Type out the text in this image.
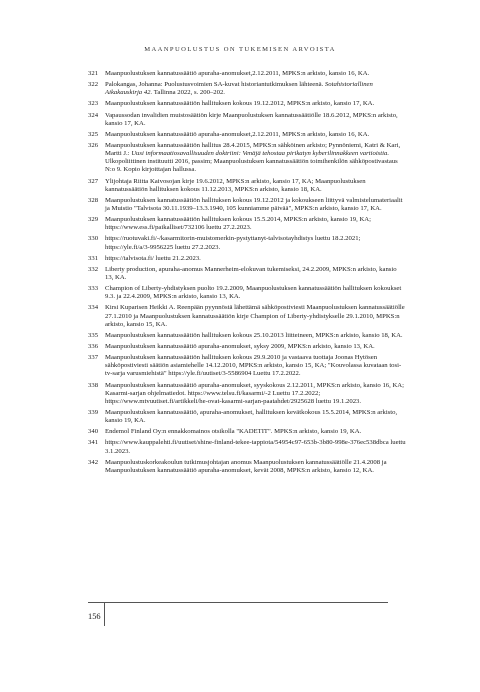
MAANPUOLUSTUS ON TUKEMISEN ARVOISTA
321	Maanpuolustuksen kannatussäätiö apuraha-anomukset,2.12.2011, MPKS:n arkisto, kansio 16, KA.
322	Palokangas, Johanna: Puolustusvoimien SA-kuvat historiantutkimuksen lähteenä. Sotahistoriallinen Aikakauskirja 42. Tallinna 2022, s. 200–202.
323	Maanpuolustuksen kannatussäätiön hallituksen kokous 19.12.2012, MPKS:n arkisto, kansio 17, KA.
324	Vapaussodan invalidien muistosäätiön kirje Maanpuolustuksen kannatussäätiölle 18.6.2012, MPKS:n arkisto, kansio 17, KA.
325	Maanpuolustuksen kannatussäätiö apuraha-anomukset,2.12.2011, MPKS:n arkisto, kansio 16, KA.
326	Maanpuolustuksen kannatussäätiön hallitus 28.4.2015, MPKS:n sähköinen arkisto; Pynnöniemi, Katri & Kari, Martti J.: Uusi informaatiosavallisuuden doktriini: Venäjä tehostaa pirikatyn kyberilinnakkeen vartioistia. Ulkopoliittinen instituutti 2016, passim; Maanpuolustuksen kannatussäätiön toimihenkilön sähköpostivastaus N:o 9. Kopio kirjoittajan hallussa.
327	Ylijohtaja Riitta Kaivosojan kirje 19.6.2012, MPKS:n arkisto, kansio 17, KA; Maanpuolustuksen kannatussäätiön hallituksen kokous 11.12.2013, MPKS:n arkisto, kansio 18, KA.
328	Maanpuolustuksen kannatussäätiön hallituksen kokous 19.12.2012 ja kokoukseen liittyvä valmistelumateriaalit ja Muistio "Talvisota 30.11.1939–13.3.1940, 105 kunniamme päivää", MPKS:n arkisto, kansio 17, KA.
329	Maanpuolustuksen kannatussäätiön hallituksen kokous 15.5.2014, MPKS:n arkisto, kansio 19, KA; https://www.ess.fi/paikalliset/732106 luettu 27.2.2023.
330	https://ruotuvaki.fi/-/kasarmitorin-muistomerkin-pystyttanyt-talvisotayhdistys luettu 18.2.2021; https://yle.fi/a/3-9956225 luettu 27.2.2023.
331	https://talvisota.fi/ luettu 21.2.2023.
332	Liberty production, apuraha-anomus Mannerheim-elokuvan tukemiseksi, 24.2.2009, MPKS:n arkisto, kansio 13, KA.
333	Champion of Liberty-yhdistyksen puolto 19.2.2009, Maanpuolustuksen kannatussäätiön hallituksen kokoukset 9.3. ja 22.4.2009, MPKS:n arkisto, kansio 13, KA.
334	Kirsi Kuparisen Heikki A. Reenpään pyynnöstä lähettämä sähköpostiviesti Maanpuolustuksen kannatussäätiölle 27.1.2010 ja Maanpuolustuksen kannatussäätiön kirje Champion of Liberty-yhdistykselle 29.1.2010, MPKS:n arkisto, kansio 15, KA.
335	Maanpuolustuksen kannatussäätiön hallituksen kokous 25.10.2013 liitteineen, MPKS:n arkisto, kansio 18, KA.
336	Maanpuolustuksen kannatussäätiö apuraha-anomukset, syksy 2009, MPKS:n arkisto, kansio 13, KA.
337	Maanpuolustuksen kannatussäätiön hallituksen kokous 29.9.2010 ja vastaava tuottaja Joonas Hytösen sähköpostiviesti säätiön asiamiehelle 14.12.2010, MPKS:n arkisto, kansio 15, KA; "Kouvolassa kuvataan tosi-tv-sarja varusmiehistä" https://yle.fi/uutiset/3-5586904 Luettu 17.2.2022.
338	Maanpuolustuksen kannatussäätiö apuraha-anomukset, syyskokous 2.12.2011, MPKS:n arkisto, kansio 16, KA; Kasarmi-sarjan ohjelmatiedot. https://www.telsu.fi/kasarmi/-2 Luettu 17.2.2022; https://www.mtvuutiset.fi/artikkeli/he-ovat-kasarmi-sarjan-paatahdet/2925628 luettu 19.1.2023.
339	Maanpuolustuksen kannatussäätiö, apuraha-anomukset, hallituksen kevätkokous 15.5.2014, MPKS:n arkisto, kansio 19, KA.
340	Endemol Finland Oy:n ennakkomainos otsikolla "KADETIT". MPKS:n arkisto, kansio 19, KA.
341	https://www.kauppalehti.fi/uutiset/shine-finland-tekee-tappiota/54954c97-653b-3b80-998e-376ec538dbca luettu 3.1.2023.
342	Maanpuolustuskorkeakoulun tutkimusjohtajan anomus Maanpuolustuksen kannatussäätiölle 21.4.2008 ja Maanpuolustuksen kannatussäätiö apuraha-anomukset, kevät 2008, MPKS:n arkisto, kansio 12, KA.
156
